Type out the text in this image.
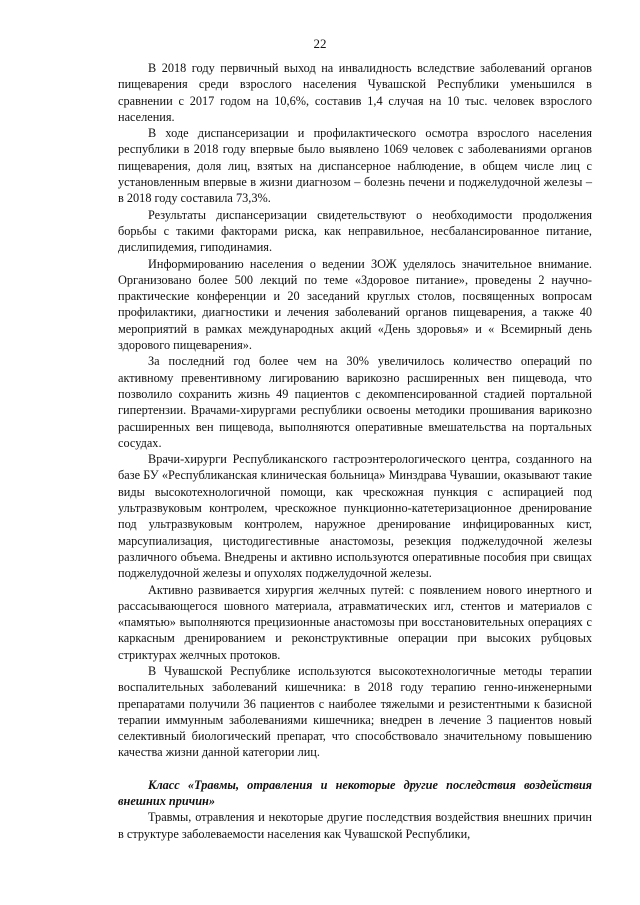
22

В 2018 году первичный выход на инвалидность вследствие заболеваний органов пищеварения среди взрослого населения Чувашской Республики уменьшился в сравнении с 2017 годом на 10,6%, составив 1,4 случая на 10 тыс. человек взрослого населения.

В ходе диспансеризации и профилактического осмотра взрослого населения республики в 2018 году впервые было выявлено 1069 человек с заболеваниями органов пищеварения, доля лиц, взятых на диспансерное наблюдение, в общем числе лиц с установленным впервые в жизни диагнозом – болезнь печени и поджелудочной железы – в 2018 году составила 73,3%.

Результаты диспансеризации свидетельствуют о необходимости продолжения борьбы с такими факторами риска, как неправильное, несбалансированное питание, дислипидемия, гиподинамия.

Информированию населения о ведении ЗОЖ уделялось значительное внимание. Организовано более 500 лекций по теме «Здоровое питание», проведены 2 научно-практические конференции и 20 заседаний круглых столов, посвященных вопросам профилактики, диагностики и лечения заболеваний органов пищеварения, а также 40 мероприятий в рамках международных акций «День здоровья» и « Всемирный день здорового пищеварения».

За последний год более чем на 30% увеличилось количество операций по активному превентивному лигированию варикозно расширенных вен пищевода, что позволило сохранить жизнь 49 пациентов с декомпенсированной стадией портальной гипертензии. Врачами-хирургами республики освоены методики прошивания варикозно расширенных вен пищевода, выполняются оперативные вмешательства на портальных сосудах.

Врачи-хирурги Республиканского гастроэнтерологического центра, созданного на базе БУ «Республиканская клиническая больница» Минздрава Чувашии, оказывают такие виды высокотехнологичной помощи, как чрескожная пункция с аспирацией под ультразвуковым контролем, чрескожное пункционно-катетеризационное дренирование под ультразвуковым контролем, наружное дренирование инфицированных кист, марсупиализация, цистодигестивные анастомозы, резекция поджелудочной железы различного объема. Внедрены и активно используются оперативные пособия при свищах поджелудочной железы и опухолях поджелудочной железы.

Активно развивается хирургия желчных путей: с появлением нового инертного и рассасывающегося шовного материала, атравматических игл, стентов и материалов с «памятью» выполняются прецизионные анастомозы при восстановительных операциях с каркасным дренированием и реконструктивные операции при высоких рубцовых стриктурах желчных протоков.

В Чувашской Республике используются высокотехнологичные методы терапии воспалительных заболеваний кишечника: в 2018 году терапию генно-инженерными препаратами получили 36 пациентов с наиболее тяжелыми и резистентными к базисной терапии иммунным заболеваниями кишечника; внедрен в лечение 3 пациентов новый селективный биологический препарат, что способствовало значительному повышению качества жизни данной категории лиц.

Класс «Травмы, отравления и некоторые другие последствия воздействия внешних причин»

Травмы, отравления и некоторые другие последствия воздействия внешних причин в структуре заболеваемости населения как Чувашской Республики,
